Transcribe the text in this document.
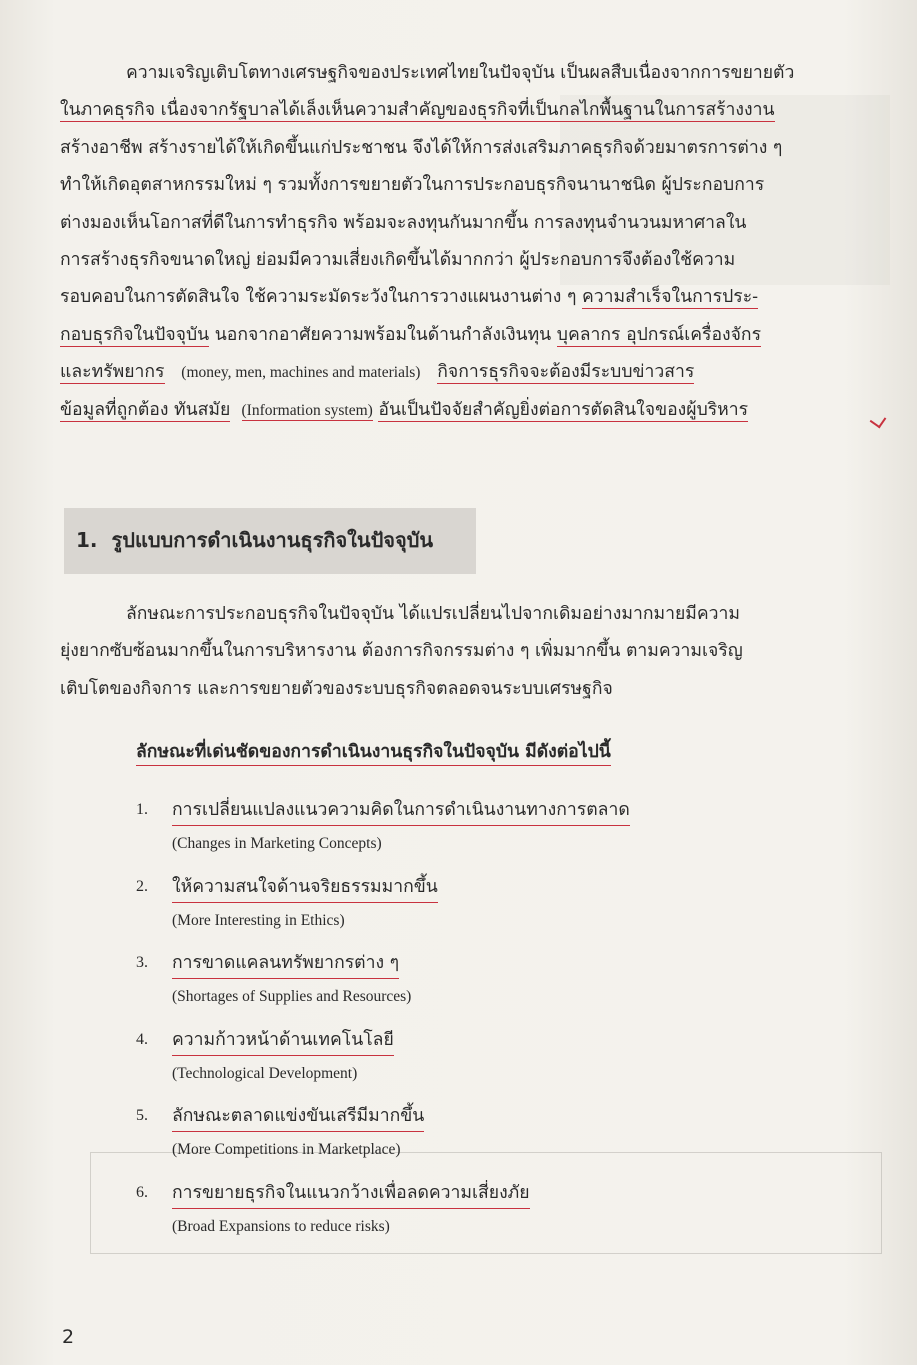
ความเจริญเติบโตทางเศรษฐกิจของประเทศไทยในปัจจุบัน เป็นผลสืบเนื่องจากการขยายตัว
ในภาคธุรกิจ เนื่องจากรัฐบาลได้เล็งเห็นความสำคัญของธุรกิจที่เป็นกลไกพื้นฐานในการสร้างงาน
สร้างอาชีพ สร้างรายได้ให้เกิดขึ้นแก่ประชาชน จึงได้ให้การส่งเสริมภาคธุรกิจด้วยมาตรการต่าง ๆ
ทำให้เกิดอุตสาหกรรมใหม่ ๆ รวมทั้งการขยายตัวในการประกอบธุรกิจนานาชนิด ผู้ประกอบการ
ต่างมองเห็นโอกาสที่ดีในการทำธุรกิจ พร้อมจะลงทุนกันมากขึ้น การลงทุนจำนวนมหาศาลใน
การสร้างธุรกิจขนาดใหญ่ ย่อมมีความเสี่ยงเกิดขึ้นได้มากกว่า ผู้ประกอบการจึงต้องใช้ความ
รอบคอบในการตัดสินใจ ใช้ความระมัดระวังในการวางแผนงานต่าง ๆ ความสำเร็จในการประ-
กอบธุรกิจในปัจจุบัน นอกจากอาศัยความพร้อมในด้านกำลังเงินทุน บุคลากร อุปกรณ์เครื่องจักร
และทรัพยากร (money, men, machines and materials) กิจการธุรกิจจะต้องมีระบบข่าวสาร
ข้อมูลที่ถูกต้อง ทันสมัย (Information system) อันเป็นปัจจัยสำคัญยิ่งต่อการตัดสินใจของผู้บริหาร
1. รูปแบบการดำเนินงานธุรกิจในปัจจุบัน
ลักษณะการประกอบธุรกิจในปัจจุบัน ได้แปรเปลี่ยนไปจากเดิมอย่างมากมายมีความ
ยุ่งยากซับซ้อนมากขึ้นในการบริหารงาน ต้องการกิจกรรมต่าง ๆ เพิ่มมากขึ้น ตามความเจริญ
เติบโตของกิจการ และการขยายตัวของระบบธุรกิจตลอดจนระบบเศรษฐกิจ
ลักษณะที่เด่นชัดของการดำเนินงานธุรกิจในปัจจุบัน มีดังต่อไปนี้
1. การเปลี่ยนแปลงแนวความคิดในการดำเนินงานทางการตลาด
(Changes in Marketing Concepts)
2. ให้ความสนใจด้านจริยธรรมมากขึ้น
(More Interesting in Ethics)
3. การขาดแคลนทรัพยากรต่าง ๆ
(Shortages of Supplies and Resources)
4. ความก้าวหน้าด้านเทคโนโลยี
(Technological Development)
5. ลักษณะตลาดแข่งขันเสรีมีมากขึ้น
(More Competitions in Marketplace)
6. การขยายธุรกิจในแนวกว้างเพื่อลดความเสี่ยงภัย
(Broad Expansions to reduce risks)
2
